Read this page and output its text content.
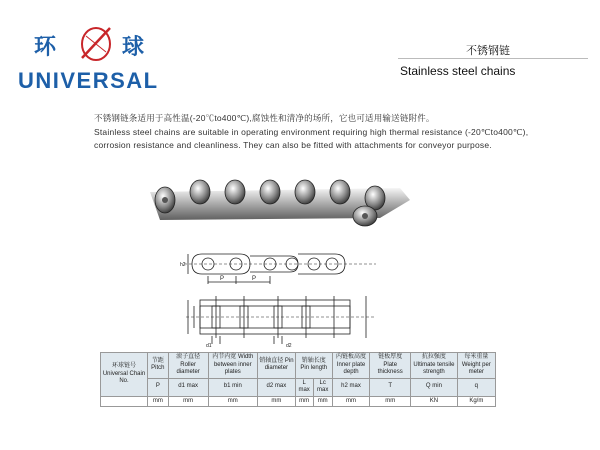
环	球
UNIVERSAL
不锈钢链
Stainless steel chains
不锈钢链条适用于高性温(-20℃to400℃),腐蚀性和清净的场所，它也可适用输送链附件。
Stainless steel chains are suitable in operating environment requiring high thermal resistance (-20℃to400℃),
corrosion resistance and cleanliness. They can also be fitted with attachments for conveyor purpose.
P	P
h2
d1	d2
环球链号 Universal Chain No.	节距 Pitch	滚子直径 Roller diameter	内节内宽 Width between inner plates	销轴直径 Pin diameter	销轴长度 Pin length		内链板高度 Inner plate depth	链板厚度 Plate thickness	抗拉强度 Ultimate tensile strength	每米重量 Weight per meter
	P	d1 max	b1 min	d2 max	L max	Lc max	h2 max	T	Q min	q
	mm	mm	mm	mm	mm	mm	mm	mm	KN	Kg/m
